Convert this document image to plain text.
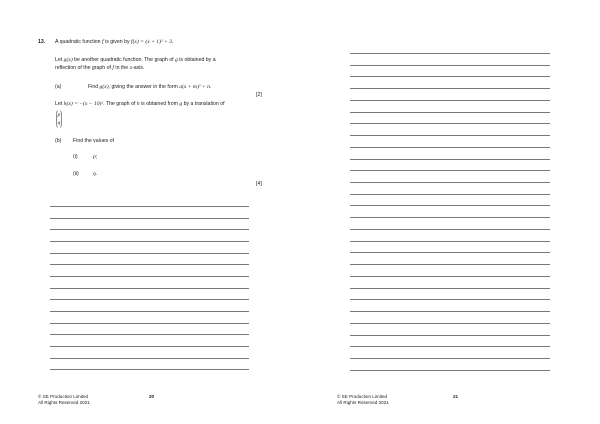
13. A quadratic function f is given by f(x) = (x + 1)² + 3.
Let g(x) be another quadratic function. The graph of g is obtained by a
reflection of the graph of f in the x-axis.
(a)	Find g(x), giving the answer in the form a(x + m)² + n.
[2]
Let h(x) = −(x − 10)². The graph of h is obtained from g by a translation of
p
q
(b) Find the values of
(i)	p;
(ii)	q.
[4]
© SE Production Limited
All Rights Reserved 2021
20	© SE Production Limited
All Rights Reserved 2021
21
